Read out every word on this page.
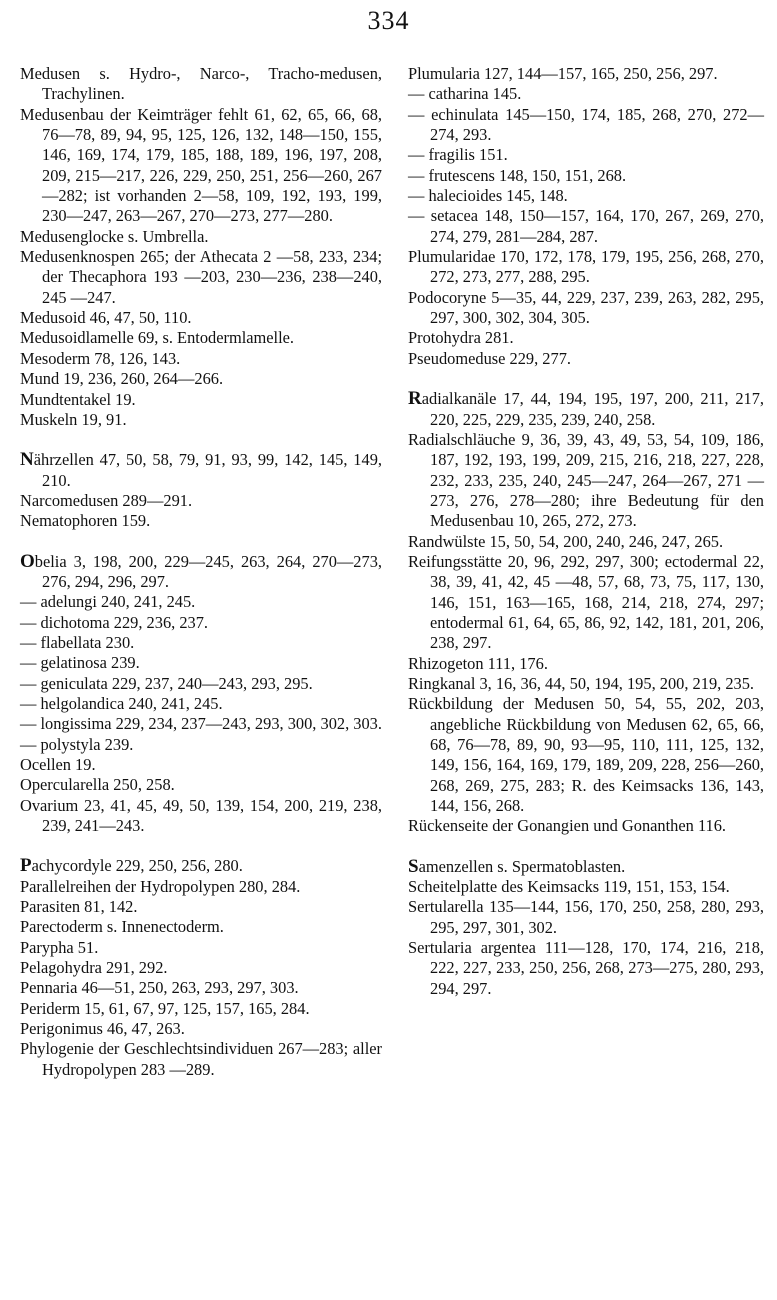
334
Medusen s. Hydro-, Narco-, Tracho-medusen, Trachylinen.
Medusenbau der Keimträger fehlt 61, 62, 65, 66, 68, 76—78, 89, 94, 95, 125, 126, 132, 148—150, 155, 146, 169, 174, 179, 185, 188, 189, 196, 197, 208, 209, 215—217, 226, 229, 250, 251, 256—260, 267—282; ist vorhanden 2—58, 109, 192, 193, 199, 230—247, 263—267, 270—273, 277—280.
Medusenglocke s. Umbrella.
Medusenknospen 265; der Athecata 2 —58, 233, 234; der Thecaphora 193 —203, 230—236, 238—240, 245 —247.
Medusoid 46, 47, 50, 110.
Medusoidlamelle 69, s. Entodermlamelle.
Mesoderm 78, 126, 143.
Mund 19, 236, 260, 264—266.
Mundtentakel 19.
Muskeln 19, 91.
Nährzellen 47, 50, 58, 79, 91, 93, 99, 142, 145, 149, 210.
Narcomedusen 289—291.
Nematophoren 159.
Obelia 3, 198, 200, 229—245, 263, 264, 270—273, 276, 294, 296, 297.
— adelungi 240, 241, 245.
— dichotoma 229, 236, 237.
— flabellata 230.
— gelatinosa 239.
— geniculata 229, 237, 240—243, 293, 295.
— helgolandica 240, 241, 245.
— longissima 229, 234, 237—243, 293, 300, 302, 303.
— polystyla 239.
Ocellen 19.
Opercularella 250, 258.
Ovarium 23, 41, 45, 49, 50, 139, 154, 200, 219, 238, 239, 241—243.
Pachycordyle 229, 250, 256, 280.
Parallelreihen der Hydropolypen 280, 284.
Parasiten 81, 142.
Parectoderm s. Innenectoderm.
Parypha 51.
Pelagohydra 291, 292.
Pennaria 46—51, 250, 263, 293, 297, 303.
Periderm 15, 61, 67, 97, 125, 157, 165, 284.
Perigonimus 46, 47, 263.
Phylogenie der Geschlechtsindividuen 267—283; aller Hydropolypen 283 —289.
Plumularia 127, 144—157, 165, 250, 256, 297.
— catharina 145.
— echinulata 145—150, 174, 185, 268, 270, 272—274, 293.
— fragilis 151.
— frutescens 148, 150, 151, 268.
— halecioides 145, 148.
— setacea 148, 150—157, 164, 170, 267, 269, 270, 274, 279, 281—284, 287.
Plumularidae 170, 172, 178, 179, 195, 256, 268, 270, 272, 273, 277, 288, 295.
Podocoryne 5—35, 44, 229, 237, 239, 263, 282, 295, 297, 300, 302, 304, 305.
Protohydra 281.
Pseudomeduse 229, 277.
Radialkanäle 17, 44, 194, 195, 197, 200, 211, 217, 220, 225, 229, 235, 239, 240, 258.
Radialschläuche 9, 36, 39, 43, 49, 53, 54, 109, 186, 187, 192, 193, 199, 209, 215, 216, 218, 227, 228, 232, 233, 235, 240, 245—247, 264—267, 271 —273, 276, 278—280; ihre Bedeutung für den Medusenbau 10, 265, 272, 273.
Randwülste 15, 50, 54, 200, 240, 246, 247, 265.
Reifungsstätte 20, 96, 292, 297, 300; ectodermal 22, 38, 39, 41, 42, 45 —48, 57, 68, 73, 75, 117, 130, 146, 151, 163—165, 168, 214, 218, 274, 297; entodermal 61, 64, 65, 86, 92, 142, 181, 201, 206, 238, 297.
Rhizogeton 111, 176.
Ringkanal 3, 16, 36, 44, 50, 194, 195, 200, 219, 235.
Rückbildung der Medusen 50, 54, 55, 202, 203, angebliche Rückbildung von Medusen 62, 65, 66, 68, 76—78, 89, 90, 93—95, 110, 111, 125, 132, 149, 156, 164, 169, 179, 189, 209, 228, 256—260, 268, 269, 275, 283; R. des Keimsacks 136, 143, 144, 156, 268.
Rückenseite der Gonangien und Gonanthen 116.
Samenzellen s. Spermatoblasten.
Scheitelplatte des Keimsacks 119, 151, 153, 154.
Sertularella 135—144, 156, 170, 250, 258, 280, 293, 295, 297, 301, 302.
Sertularia argentea 111—128, 170, 174, 216, 218, 222, 227, 233, 250, 256, 268, 273—275, 280, 293, 294, 297.
